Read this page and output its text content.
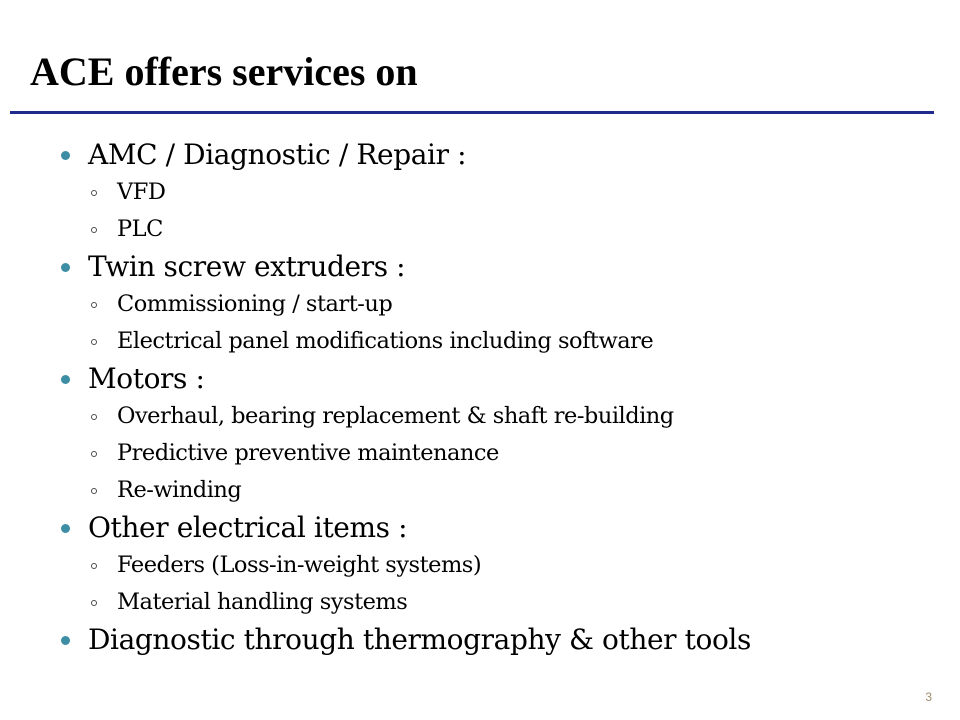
ACE offers services on
AMC / Diagnostic / Repair :
VFD
PLC
Twin screw extruders :
Commissioning / start-up
Electrical panel modifications including software
Motors :
Overhaul, bearing replacement & shaft re-building
Predictive preventive maintenance
Re-winding
Other electrical items :
Feeders (Loss-in-weight systems)
Material handling systems
Diagnostic through thermography & other tools
3
